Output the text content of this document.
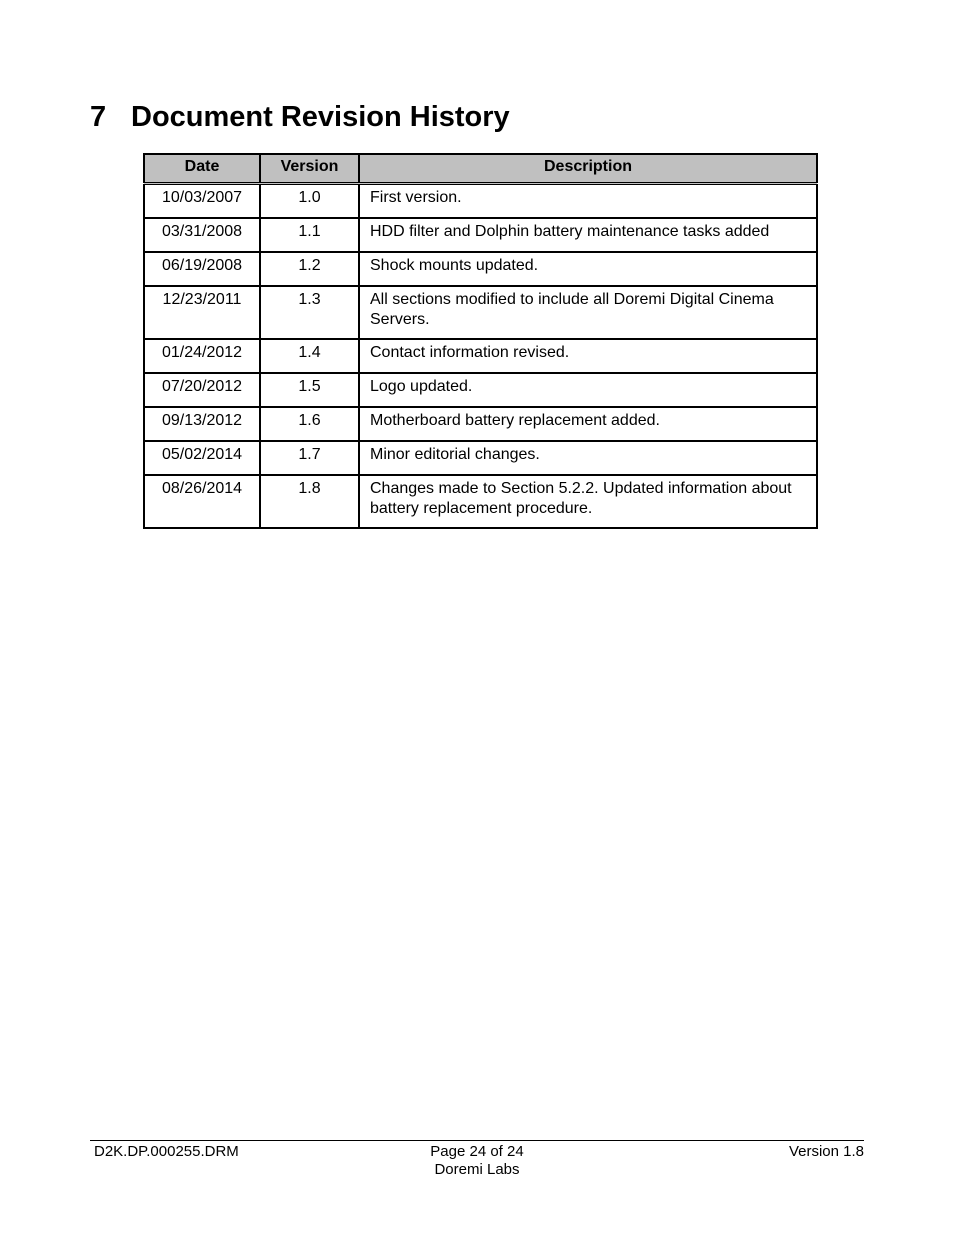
7 Document Revision History
Date	Version	Description
10/03/2007	1.0	First version.
03/31/2008	1.1	HDD filter and Dolphin battery maintenance tasks added
06/19/2008	1.2	Shock mounts updated.
12/23/2011	1.3	All sections modified to include all Doremi Digital Cinema Servers.
01/24/2012	1.4	Contact information revised.
07/20/2012	1.5	Logo updated.
09/13/2012	1.6	Motherboard battery replacement added.
05/02/2014	1.7	Minor editorial changes.
08/26/2014	1.8	Changes made to Section 5.2.2. Updated information about battery replacement procedure.
D2K.DP.000255.DRM	Page 24 of 24
Doremi Labs
Version 1.8
